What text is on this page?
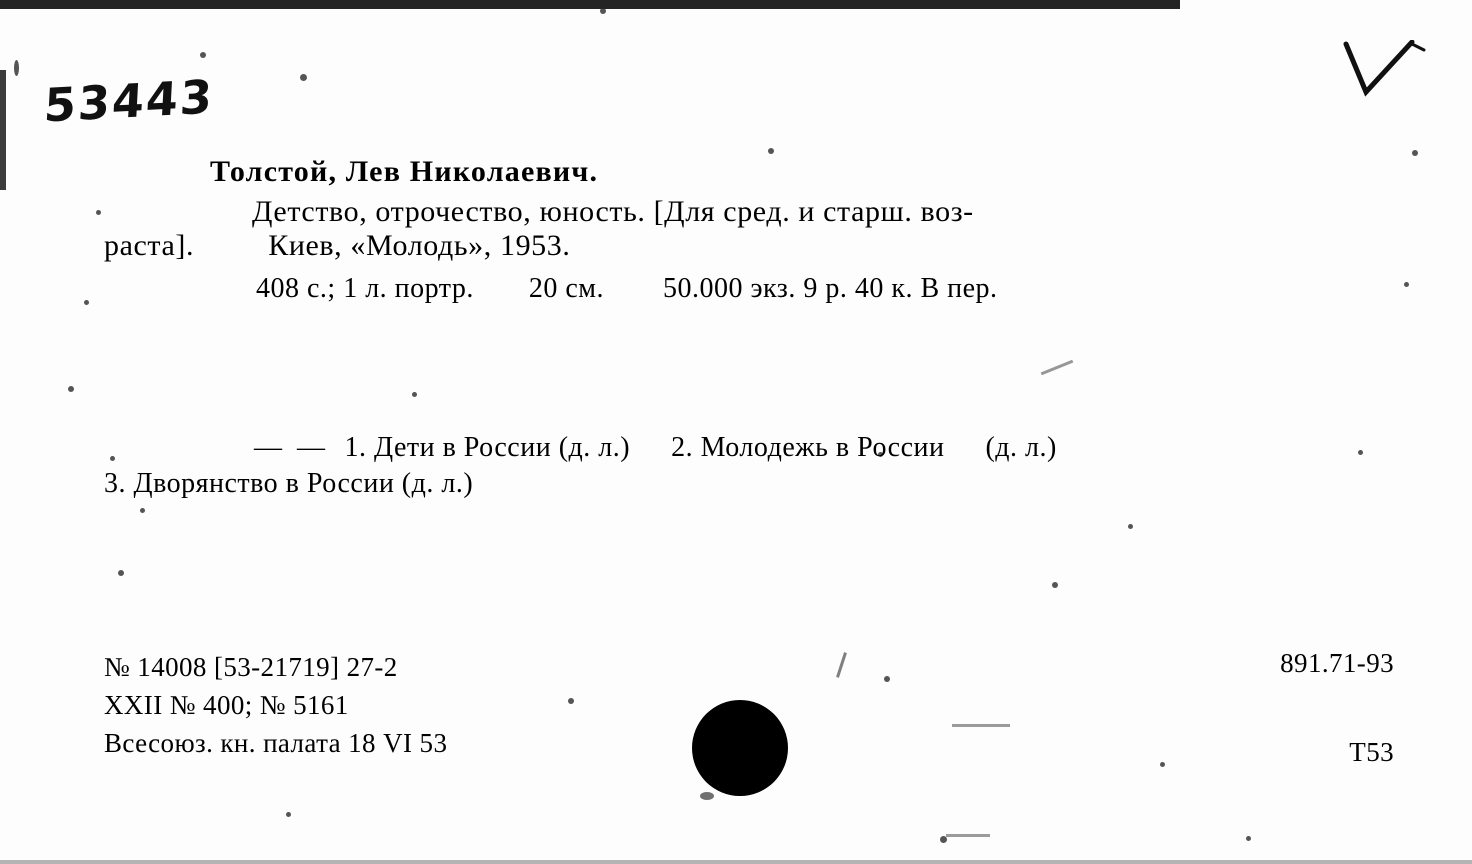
53443
Толстой, Лев Николаевич.
Детство, отрочество, юность. [Для сред. и старш. воз-
раста]. Киев, «Молодь», 1953.
408 с.; 1 л. портр. 20 см. 50.000 экз. 9 р. 40 к. В пер.
— — 1. Дети в России (д. л.) 2. Молодежь в России (д. л.)
3. Дворянство в России (д. л.)
№ 14008 [53-21719] 27-2
XXII № 400; № 5161
Всесоюз. кн. палата 18 VI 53
891.71-93
Т53
